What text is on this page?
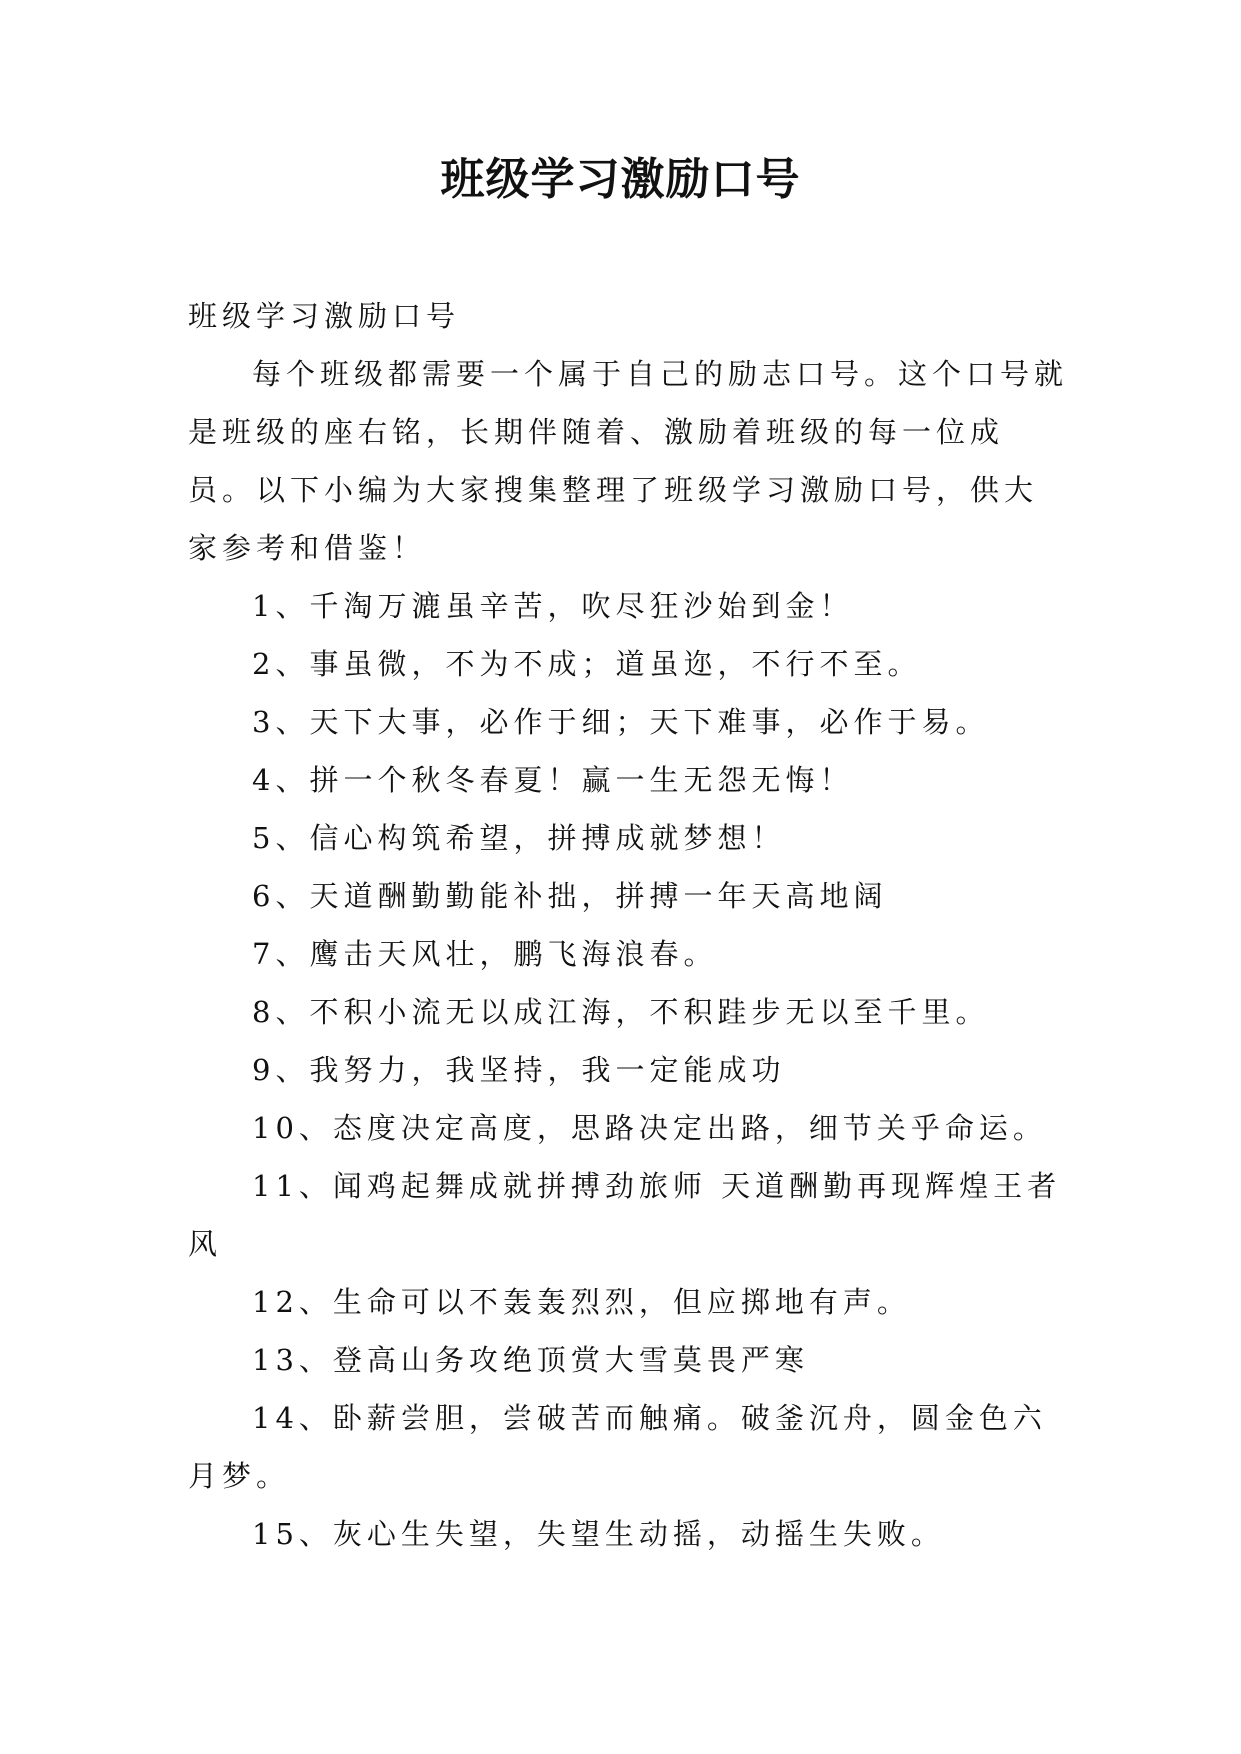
班级学习激励口号

班级学习激励口号

每个班级都需要一个属于自己的励志口号。这个口号就是班级的座右铭，长期伴随着、激励着班级的每一位成员。以下小编为大家搜集整理了班级学习激励口号，供大家参考和借鉴！

1、千淘万漉虽辛苦，吹尽狂沙始到金！

2、事虽微，不为不成；道虽迩，不行不至。

3、天下大事，必作于细；天下难事，必作于易。

4、拼一个秋冬春夏！赢一生无怨无悔！

5、信心构筑希望，拼搏成就梦想！

6、天道酬勤勤能补拙，拼搏一年天高地阔

7、鹰击天风壮，鹏飞海浪春。

8、不积小流无以成江海，不积跬步无以至千里。

9、我努力，我坚持，我一定能成功

10、态度决定高度，思路决定出路，细节关乎命运。

11、闻鸡起舞成就拼搏劲旅师 天道酬勤再现辉煌王者风

12、生命可以不轰轰烈烈，但应掷地有声。

13、登高山务攻绝顶赏大雪莫畏严寒

14、卧薪尝胆，尝破苦而触痛。破釜沉舟，圆金色六月梦。

15、灰心生失望，失望生动摇，动摇生失败。
